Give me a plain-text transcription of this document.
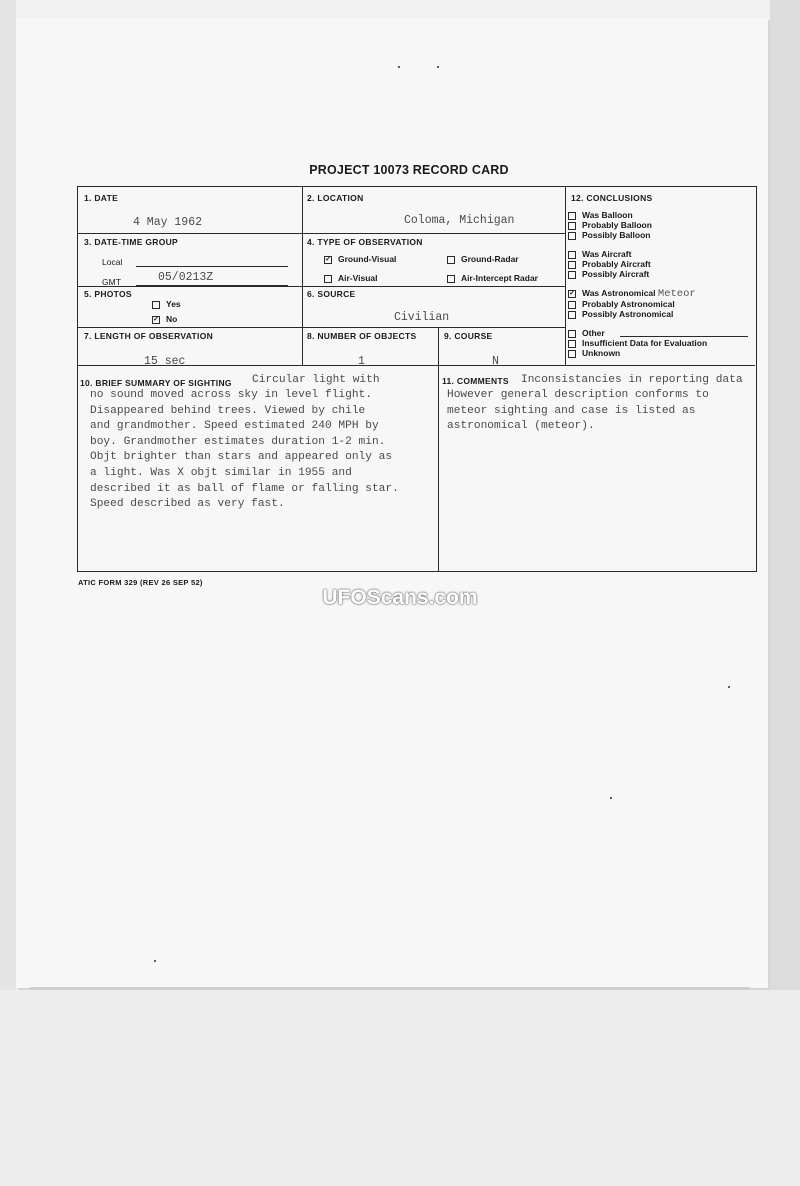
PROJECT 10073 RECORD CARD
1. DATE
4 May 1962
2. LOCATION
Coloma, Michigan
3. DATE-TIME GROUP
Local
GMT	05/0213Z
4. TYPE OF OBSERVATION
✓ Ground-Visual	Ground-Radar
Air-Visual	Air-Intercept Radar
5. PHOTOS
Yes
✓ No
6. SOURCE
Civilian
7. LENGTH OF OBSERVATION
15 sec
8. NUMBER OF OBJECTS
1
9. COURSE
N
12. CONCLUSIONS
Was Balloon
Probably Balloon
Possibly Balloon
Was Aircraft
Probably Aircraft
Possibly Aircraft
✓ Was Astronomical Meteor
Probably Astronomical
Possibly Astronomical
Other
Insufficient Data for Evaluation
Unknown
10. BRIEF SUMMARY OF SIGHTING Circular light with
no sound moved across sky in level flight.
Disappeared behind trees. Viewed by chile
and grandmother. Speed estimated 240 MPH by
boy. Grandmother estimates duration 1-2 min.
Objt brighter than stars and appeared only as
a light. Was X objt similar in 1955 and
described it as ball of flame or falling star.
Speed described as very fast.
11. COMMENTS Inconsistancies in reporting data
However general description conforms to
meteor sighting and case is listed as
astronomical (meteor).
ATIC FORM 329 (REV 26 SEP 52)
UFOScans.com
